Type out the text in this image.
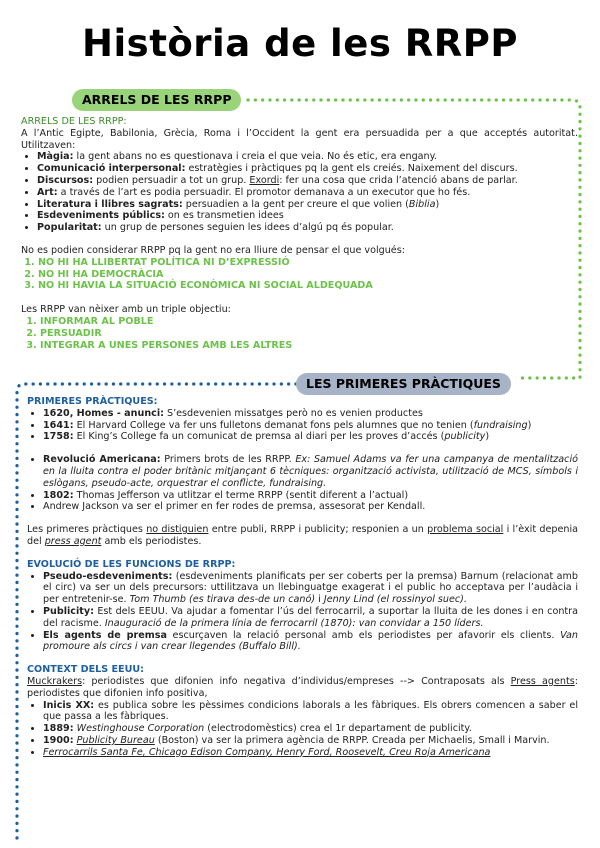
Història de les RRPP
ARRELS DE LES RRPP

ARRELS DE LES RRPP:

A l’Antic Egipte, Babilonia, Grècia, Roma i l’Occident la gent era persuadida per a que acceptés autoritat. Utilitzaven:

• Màgia: la gent abans no es questionava i creia el que veia. No és etic, era engany.
• Comunicació interpersonal: estratègies i pràctiques pq la gent els creiés. Naixement del discurs.
• Discursos: podien persuadir a tot un grup. Exordi: fer una cosa que crida l’atenció abans de parlar.
• Art: a través de l’art es podia persuadir. El promotor demanava a un executor que ho fés.
• Literatura i llibres sagrats: persuadien a la gent per creure el que volien (Biblia)
• Esdeveniments públics: on es transmetien idees
• Popularitat: un grup de persones seguien les idees d’algú pq és popular.

No es podien considerar RRPP pq la gent no era lliure de pensar el que volgués:

1. NO HI HA LLIBERTAT POLÍTICA NI D’EXPRESSIÓ
2. NO HI HA DEMOCRÀCIA
3. NO HI HAVIA LA SITUACIÓ ECONÒMICA NI SOCIAL ALDEQUADA

Les RRPP van nèixer amb un triple objectiu:

1. INFORMAR AL POBLE
2. PERSUADIR
3. INTEGRAR A UNES PERSONES AMB LES ALTRES
LES PRIMERES PRÀCTIQUES

PRIMERES PRÀCTIQUES:

• 1620, Homes - anunci: S’esdevenien missatges però no es venien productes
• 1641: El Harvard College va fer uns fulletons demanat fons pels alumnes que no tenien (fundraising)
• 1758: El King’s College fa un comunicat de premsa al diari per les proves d’accés (publicity)
• Revolució Americana: Primers brots de les RRPP. Ex: Samuel Adams va fer una campanya de mentalització en la lluita contra el poder britànic mitjançant 6 tècniques: organització activista, utilització de MCS, símbols i eslògans, pseudo-acte, orquestrar el conflicte, fundraising.
• 1802: Thomas Jefferson va utlitzar el terme RRPP (sentit diferent a l’actual)
• Andrew Jackson va ser el primer en fer rodes de premsa, assesorat per Kendall.

Les primeres pràctiques no distiguien entre publi, RRPP i publicity; responien a un problema social i l’èxit depenia del press agent amb els periodistes.

EVOLUCIÓ DE LES FUNCIONS DE RRPP:

• Pseudo-esdeveniments: (esdeveniments planificats per ser coberts per la premsa) Barnum (relacionat amb el circ) va ser un dels precursors: uttilitzava un llebinguatge exagerat i el public ho acceptava per l’audàcia i per entretenir-se. Tom Thumb (es tirava des-de un canó) i Jenny Lind (el rossinyol suec).
• Publicity: Est dels EEUU. Va ajudar a fomentar l’ús del ferrocarril, a suportar la lluita de les dones i en contra del racisme. Inauguració de la primera línia de ferrocarril (1870): van convidar a 150 líders.
• Els agents de premsa escurçaven la relació personal amb els periodistes per afavorir els clients. Van promoure als circs i van crear llegendes (Buffalo Bill).

CONTEXT DELS EEUU:

Muckrakers: periodistes que difonien info negativa d’individus/empreses --> Contraposats als Press agents: periodistes que difonien info positiva,

• Inicis XX: es publica sobre les pèssimes condicions laborals a les fàbriques. Els obrers comencen a saber el que passa a les fàbriques.
• 1889: Westinghouse Corporation (electrodomèstics) crea el 1r departament de publicity.
• 1900: Publicity Bureau (Boston) va ser la primera agència de RRPP. Creada per Michaelis, Small i Marvin.
• Ferrocarrils Santa Fe, Chicago Edison Company, Henry Ford, Roosevelt, Creu Roja Americana
